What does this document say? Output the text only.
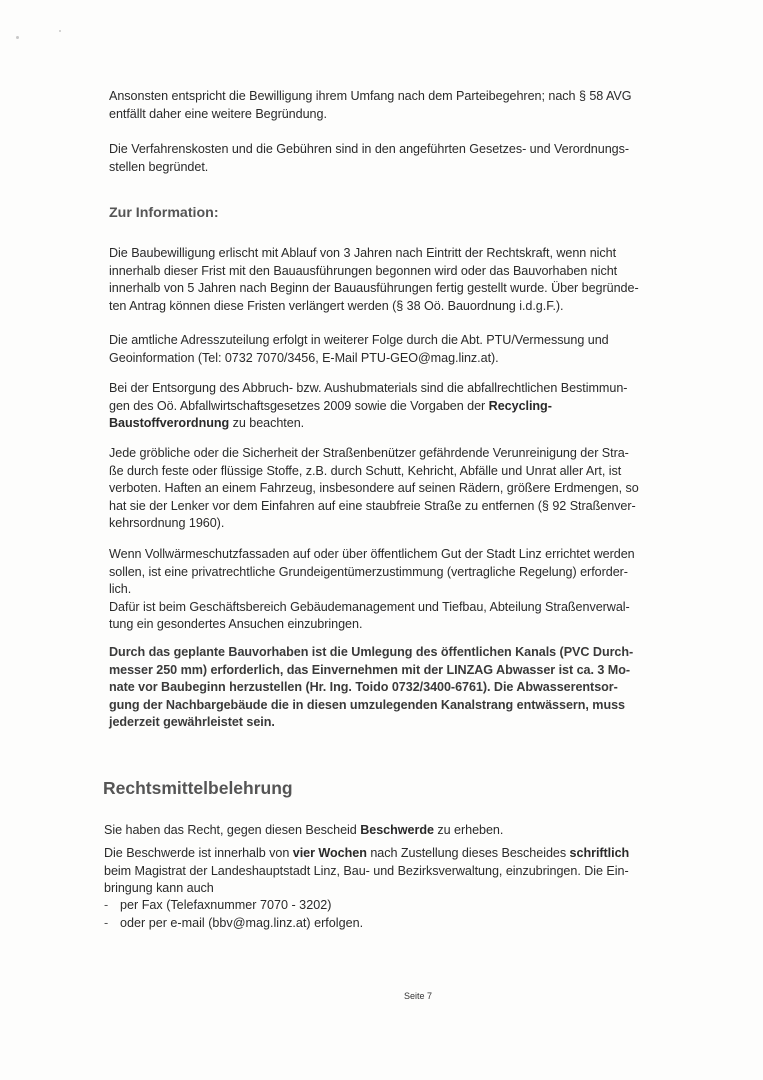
Ansonsten entspricht die Bewilligung ihrem Umfang nach dem Parteibegehren; nach § 58 AVG
entfällt daher eine weitere Begründung.

Die Verfahrenskosten und die Gebühren sind in den angeführten Gesetzes- und Verordnungs-
stellen begründet.

Zur Information:

Die Baubewilligung erlischt mit Ablauf von 3 Jahren nach Eintritt der Rechtskraft, wenn nicht
innerhalb dieser Frist mit den Bauausführungen begonnen wird oder das Bauvorhaben nicht
innerhalb von 5 Jahren nach Beginn der Bauausführungen fertig gestellt wurde. Über begründe-
ten Antrag können diese Fristen verlängert werden (§ 38 Oö. Bauordnung i.d.g.F.).

Die amtliche Adresszuteilung erfolgt in weiterer Folge durch die Abt. PTU/Vermessung und
Geoinformation (Tel: 0732 7070/3456, E-Mail PTU-GEO@mag.linz.at).

Bei der Entsorgung des Abbruch- bzw. Aushubmaterials sind die abfallrechtlichen Bestimmun-
gen des Oö. Abfallwirtschaftsgesetzes 2009 sowie die Vorgaben der Recycling-
Baustoffverordnung zu beachten.

Jede gröbliche oder die Sicherheit der Straßenbenützer gefährdende Verunreinigung der Stra-
ße durch feste oder flüssige Stoffe, z.B. durch Schutt, Kehricht, Abfälle und Unrat aller Art, ist
verboten. Haften an einem Fahrzeug, insbesondere auf seinen Rädern, größere Erdmengen, so
hat sie der Lenker vor dem Einfahren auf eine staubfreie Straße zu entfernen (§ 92 Straßenver-
kehrsordnung 1960).

Wenn Vollwärmeschutzfassaden auf oder über öffentlichem Gut der Stadt Linz errichtet werden
sollen, ist eine privatrechtliche Grundeigentümerzustimmung (vertragliche Regelung) erforder-
lich.
Dafür ist beim Geschäftsbereich Gebäudemanagement und Tiefbau, Abteilung Straßenverwal-
tung ein gesondertes Ansuchen einzubringen.

Durch das geplante Bauvorhaben ist die Umlegung des öffentlichen Kanals (PVC Durch-
messer 250 mm) erforderlich, das Einvernehmen mit der LINZAG Abwasser ist ca. 3 Mo-
nate vor Baubeginn herzustellen (Hr. Ing. Toido 0732/3400-6761). Die Abwasserentsor-
gung der Nachbargebäude die in diesen umzulegenden Kanalstrang entwässern, muss
jederzeit gewährleistet sein.

Rechtsmittelbelehrung

Sie haben das Recht, gegen diesen Bescheid Beschwerde zu erheben.

Die Beschwerde ist innerhalb von vier Wochen nach Zustellung dieses Bescheides schriftlich
beim Magistrat der Landeshauptstadt Linz, Bau- und Bezirksverwaltung, einzubringen. Die Ein-
bringung kann auch

- per Fax (Telefaxnummer 7070 - 3202)
- oder per e-mail (bbv@mag.linz.at) erfolgen.
Seite 7
